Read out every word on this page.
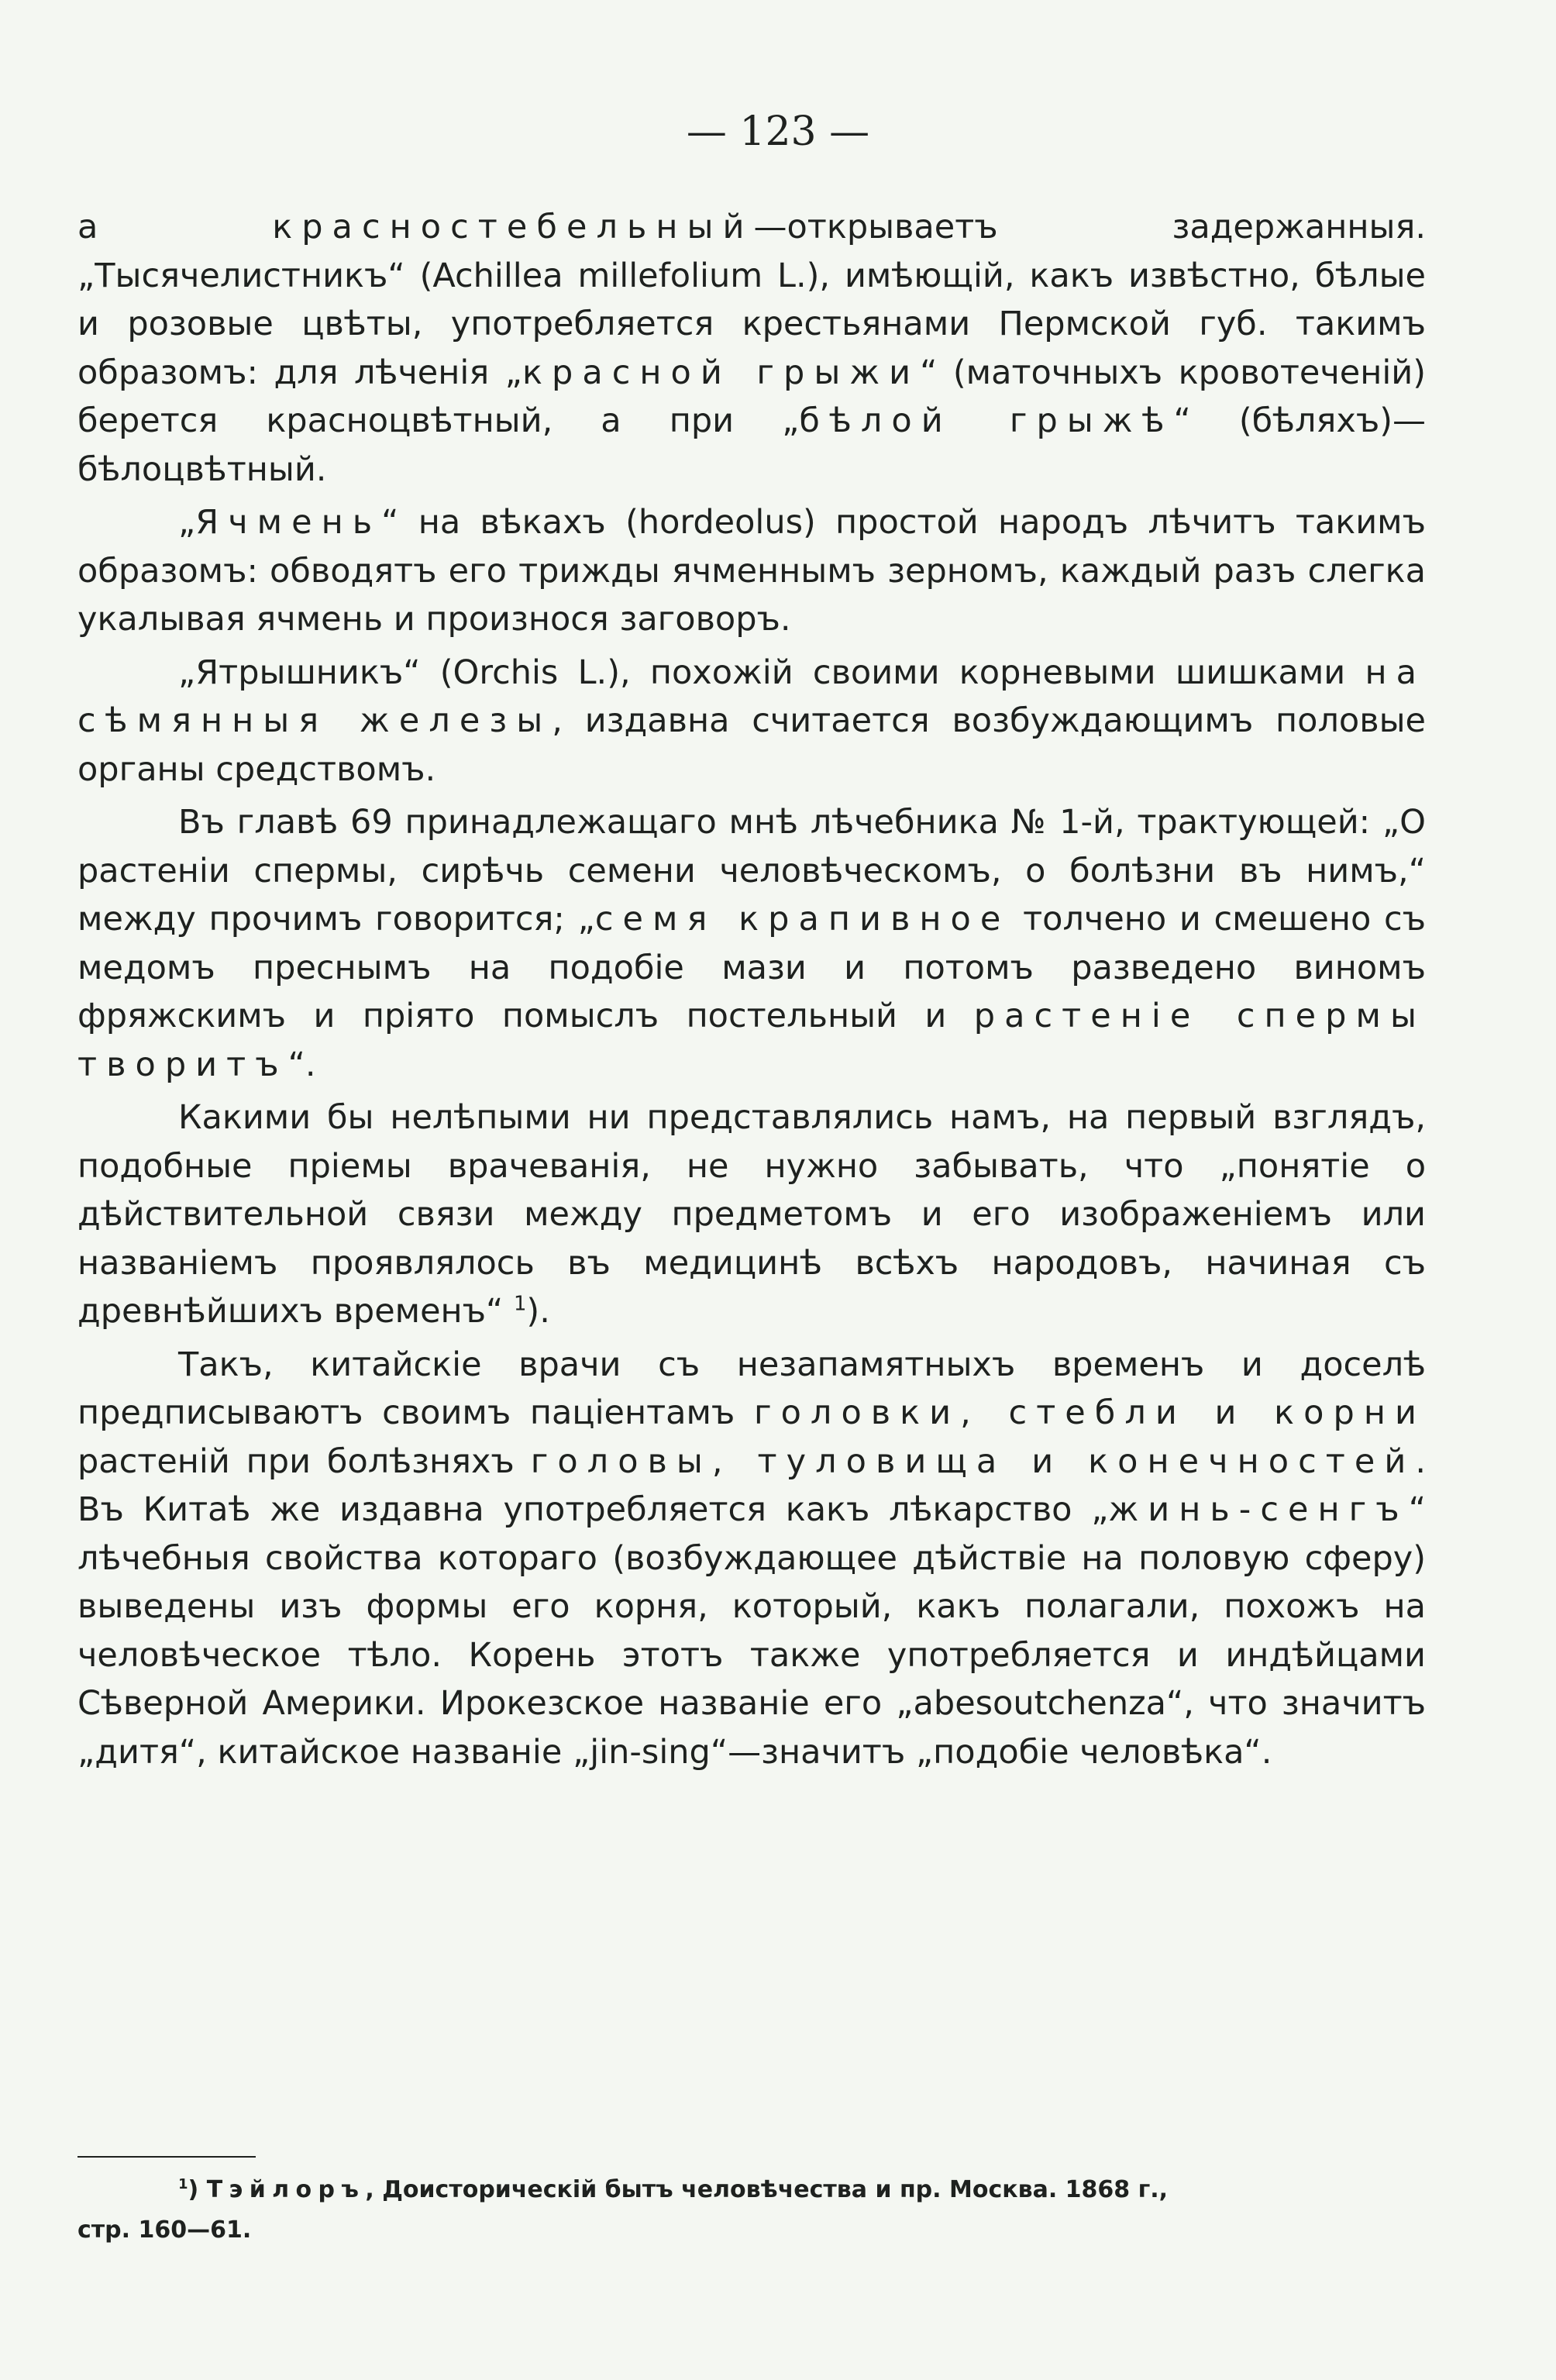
— 123 —

а красностебельный—открываетъ задержанныя. „Тысячелистникъ“ (Achillea millefolium L.), имѣющій, какъ извѣстно, бѣлые и розовые цвѣты, употребляется крестьянами Пермской губ. такимъ образомъ: для лѣченія „красной грыжи“ (маточныхъ кровотеченій) берется красноцвѣтный, а при „бѣлой грыжѣ“ (бѣляхъ)—бѣлоцвѣтный.

„Ячмень“ на вѣкахъ (hordeolus) простой народъ лѣчитъ такимъ образомъ: обводятъ его трижды ячменнымъ зерномъ, каждый разъ слегка укалывая ячмень и произнося заговоръ.

„Ятрышникъ“ (Orchis L.), похожій своими корневыми шишками на сѣмянныя железы, издавна считается возбуждающимъ половые органы средствомъ.

Въ главѣ 69 принадлежащаго мнѣ лѣчебника № 1-й, трактующей: „О растеніи спермы, сирѣчь семени человѣческомъ, о болѣзни въ нимъ,“ между прочимъ говорится; „семя крапивное толчено и смешено съ медомъ преснымъ на подобіе мази и потомъ разведено виномъ фряжскимъ и пріято помыслъ постельный и растеніе спермы творитъ“.

Какими бы нелѣпыми ни представлялись намъ, на первый взглядъ, подобные пріемы врачеванія, не нужно забывать, что „понятіе о дѣйствительной связи между предметомъ и его изображеніемъ или названіемъ проявлялось въ медицинѣ всѣхъ народовъ, начиная съ древнѣйшихъ временъ“ $^1$).

Такъ, китайскіе врачи съ незапамятныхъ временъ и доселѣ предписываютъ своимъ паціентамъ головки, стебли и корни растеній при болѣзняхъ головы, туловища и конечностей. Въ Китаѣ же издавна употребляется какъ лѣкарство „жинь-сенгъ“ лѣчебныя свойства котораго (возбуждающее дѣйствіе на половую сферу) выведены изъ формы его корня, который, какъ полагали, похожъ на человѣческое тѣло. Корень этотъ также употребляется и индѣйцами Сѣверной Америки. Ирокезское названіе его „abesoutchenza“, что значитъ „дитя“, китайское названіе „jin-sing“—значитъ „подобіе человѣка“.

$^1$) Тэйлоръ, Доисторическій бытъ человѣчества и пр. Москва. 1868 г.,
стр. 160—61.
